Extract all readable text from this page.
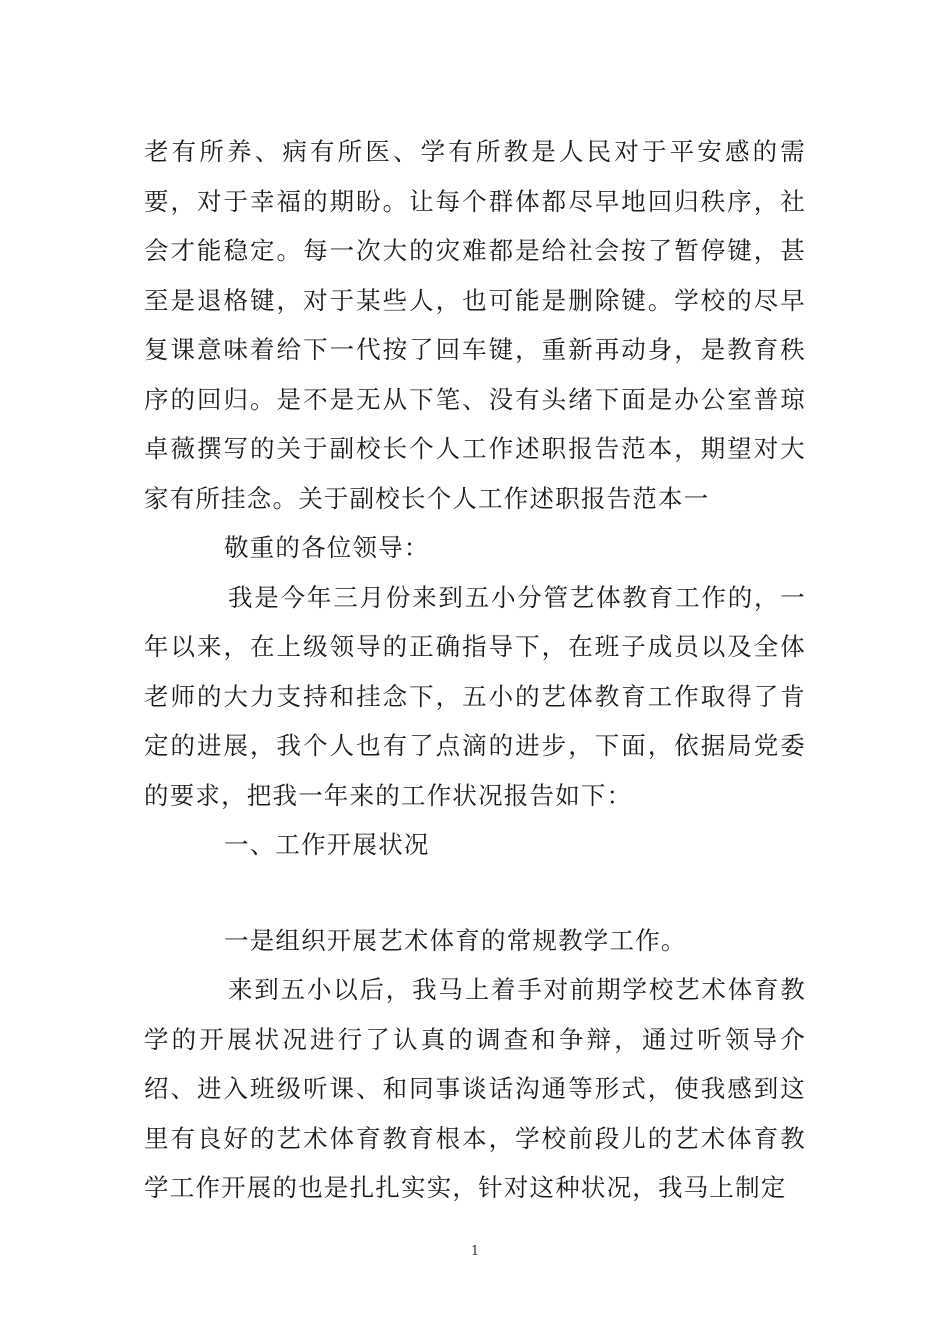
老有所养、病有所医、学有所教是人民对于平安感的需要，对于幸福的期盼。让每个群体都尽早地回归秩序，社会才能稳定。每一次大的灾难都是给社会按了暂停键，甚至是退格键，对于某些人，也可能是删除键。学校的尽早复课意味着给下一代按了回车键，重新再动身，是教育秩序的回归。是不是无从下笔、没有头绪下面是办公室普琼卓薇撰写的关于副校长个人工作述职报告范本，期望对大家有所挂念。关于副校长个人工作述职报告范本一

敬重的各位领导：

我是今年三月份来到五小分管艺体教育工作的，一年以来，在上级领导的正确指导下，在班子成员以及全体老师的大力支持和挂念下，五小的艺体教育工作取得了肯定的进展，我个人也有了点滴的进步，下面，依据局党委的要求，把我一年来的工作状况报告如下：

一、工作开展状况

一是组织开展艺术体育的常规教学工作。

来到五小以后，我马上着手对前期学校艺术体育教学的开展状况进行了认真的调查和争辩，通过听领导介绍、进入班级听课、和同事谈话沟通等形式，使我感到这里有良好的艺术体育教育根本，学校前段儿的艺术体育教学工作开展的也是扎扎实实，针对这种状况，我马上制定

1
